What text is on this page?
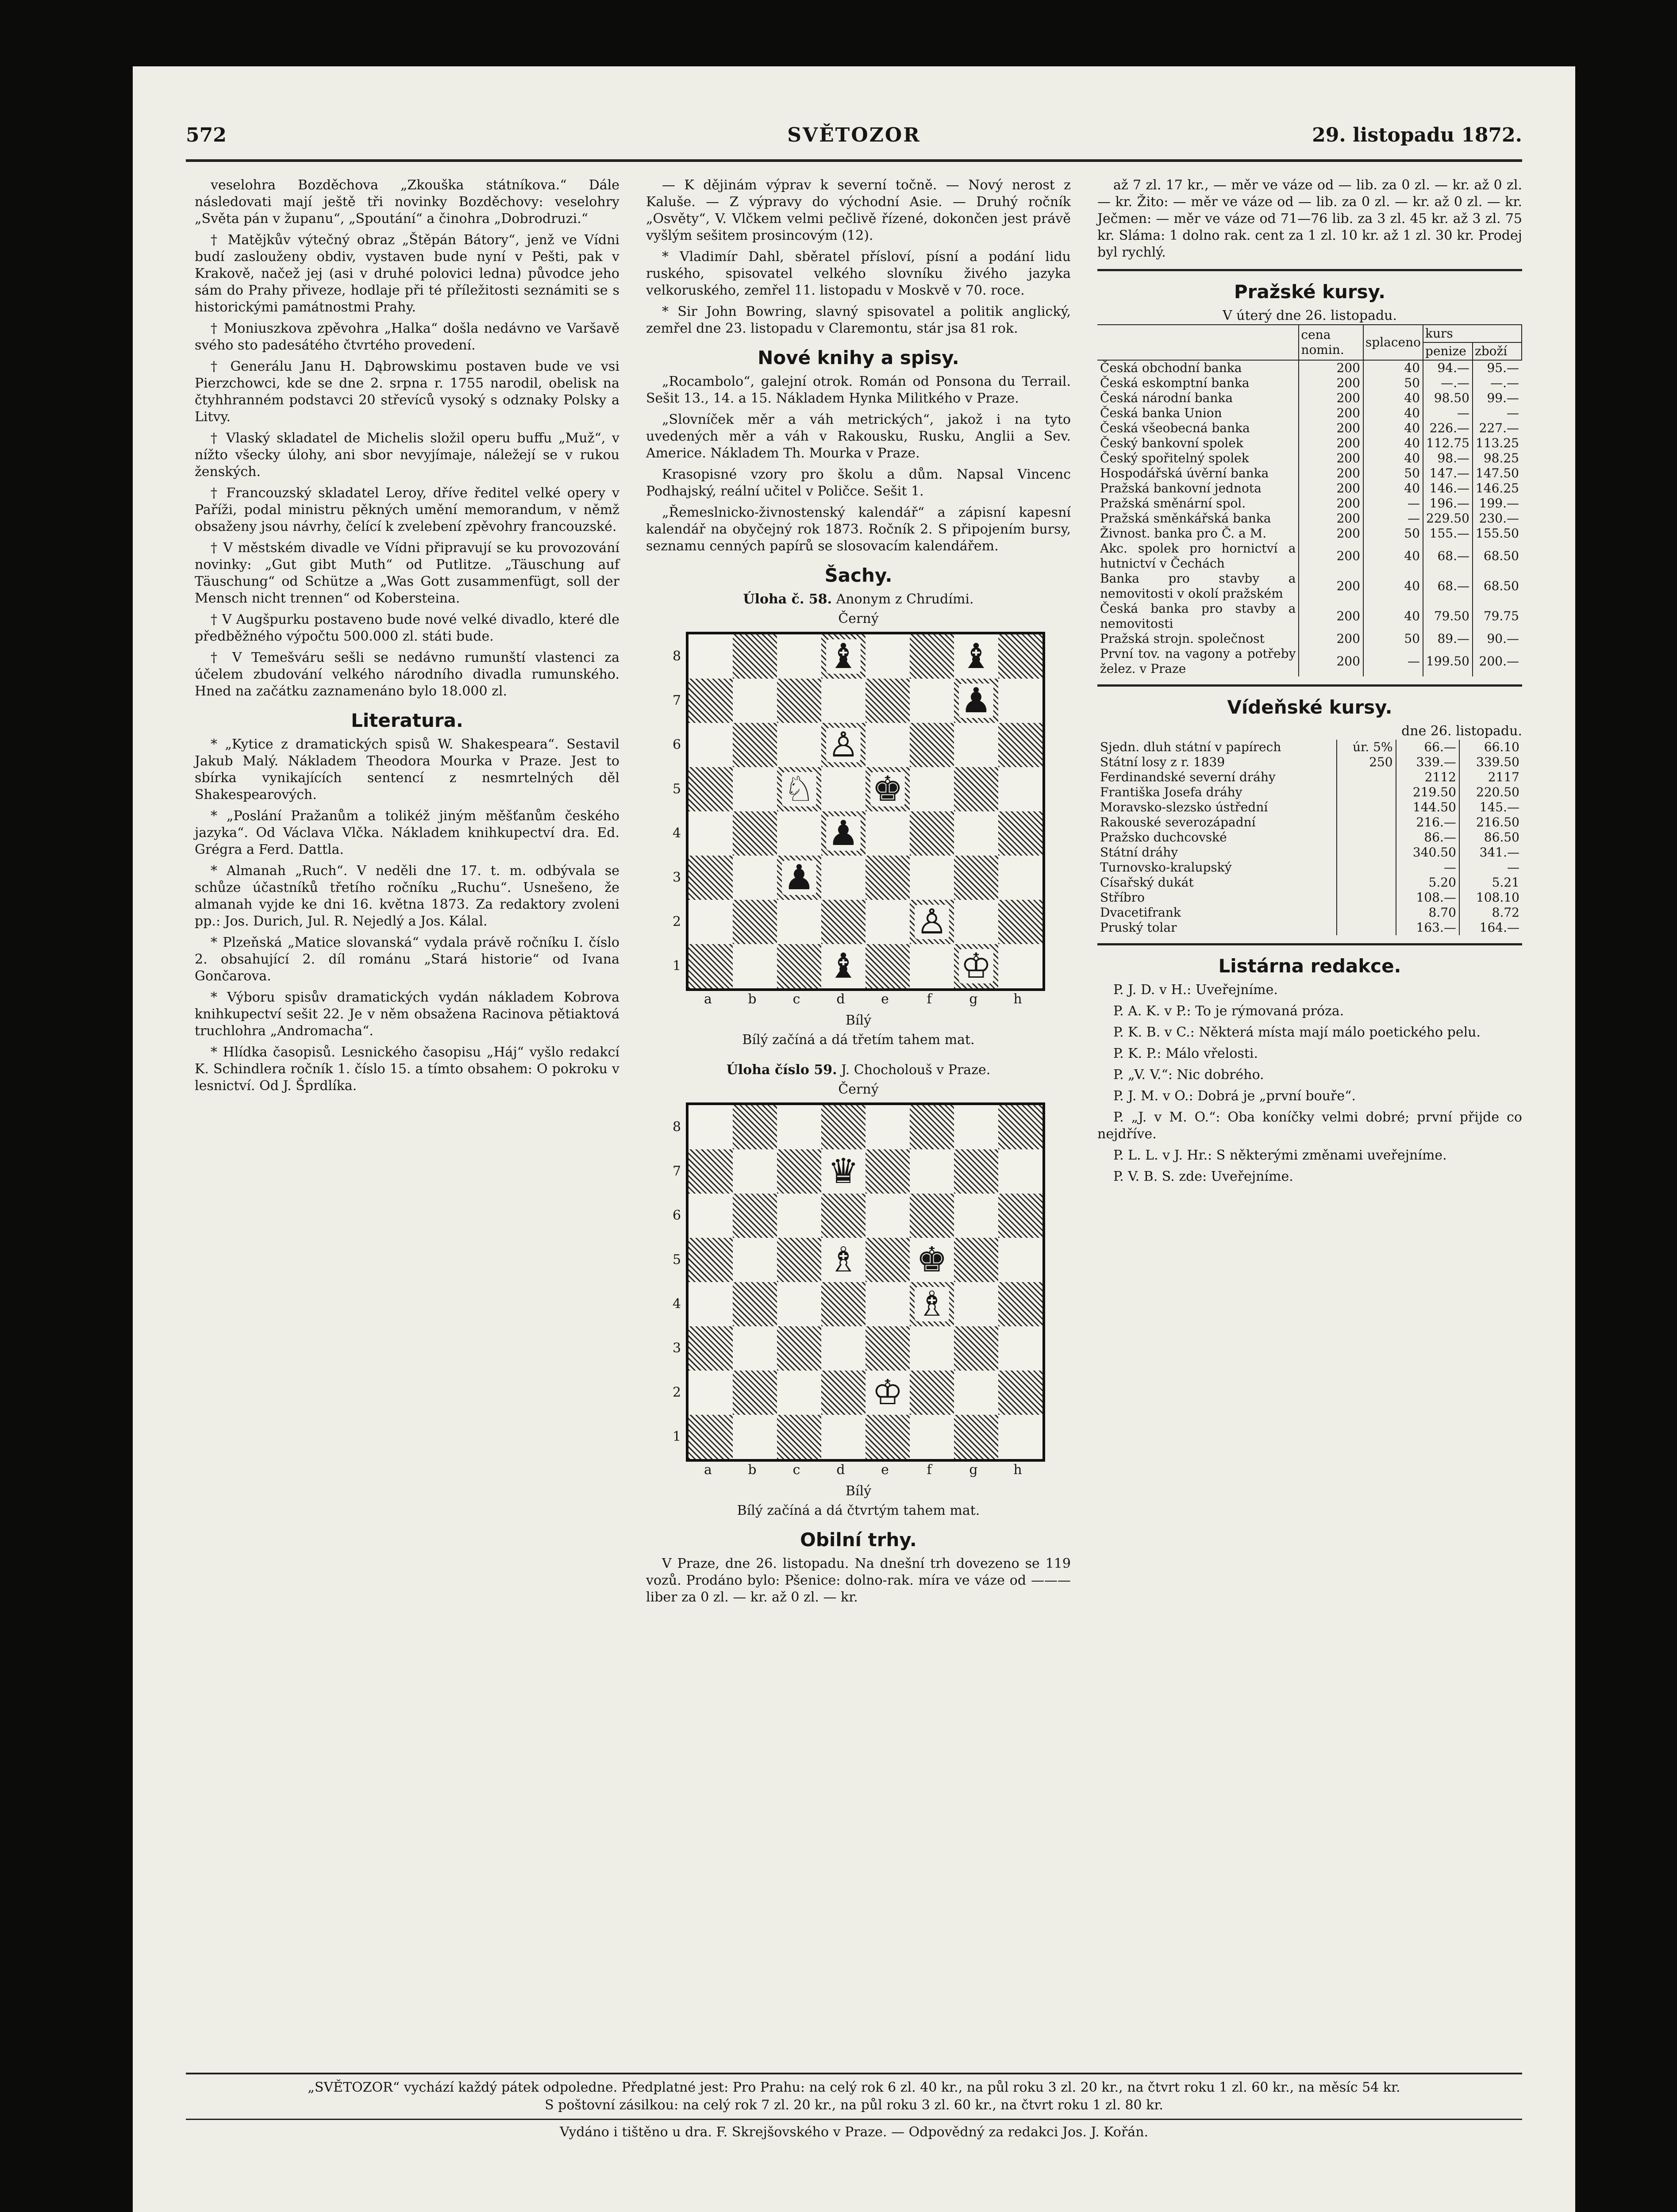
572	SVĚTOZOR	29. listopadu 1872.

veselohra Bozděchova „Zkouška státníkova.“ Dále následovati mají ještě tři novinky Bozděchovy: veselohry „Světa pán v županu“, „Spoutání“ a činohra „Dobrodruzi.“

† Matějkův výtečný obraz „Štěpán Bátory“, jenž ve Vídni budí zaslouženy obdiv, vystaven bude nyní v Pešti, pak v Krakově, načež jej (asi v druhé polovici ledna) původce jeho sám do Prahy přiveze, hodlaje při té příležitosti seznámiti se s historickými památnostmi Prahy.

† Moniuszkova zpěvohra „Halka“ došla nedávno ve Varšavě svého sto padesátého čtvrtého provedení.

† Generálu Janu H. Dąbrowskimu postaven bude ve vsi Pierzchowci, kde se dne 2. srpna r. 1755 narodil, obelisk na čtyhhranném podstavci 20 střevíců vysoký s odznaky Polsky a Litvy.

† Vlaský skladatel de Michelis složil operu buffu „Muž“, v nížto všecky úlohy, ani sbor nevyjímaje, náležejí se v rukou ženských.

† Francouzský skladatel Leroy, dříve ředitel velké opery v Paříži, podal ministru pěkných umění memorandum, v němž obsaženy jsou návrhy, čelící k zvelebení zpěvohry francouzské.

† V městském divadle ve Vídni připravují se ku provozování novinky: „Gut gibt Muth“ od Putlitze. „Täuschung auf Täuschung“ od Schütze a „Was Gott zusammenfügt, soll der Mensch nicht trennen“ od Kobersteina.

† V Augšpurku postaveno bude nové velké divadlo, které dle předběžného výpočtu 500.000 zl. státi bude.

† V Temešváru sešli se nedávno rumunští vlastenci za účelem zbudování velkého národního divadla rumunského. Hned na začátku zaznamenáno bylo 18.000 zl.

Literatura.

* „Kytice z dramatických spisů W. Shakespeara“. Sestavil Jakub Malý. Nákladem Theodora Mourka v Praze. Jest to sbírka vynikajících sentencí z nesmrtelných děl Shakespearových.

* „Poslání Pražanům a tolikéž jiným měšťanům českého jazyka“. Od Václava Vlčka. Nákladem knihkupectví dra. Ed. Grégra a Ferd. Dattla.

* Almanah „Ruch“. V neděli dne 17. t. m. odbývala se schůze účastníků třetího ročníku „Ruchu“. Usnešeno, že almanah vyjde ke dni 16. května 1873. Za redaktory zvoleni pp.: Jos. Durich, Jul. R. Nejedlý a Jos. Kálal.

* Plzeňská „Matice slovanská“ vydala právě ročníku I. číslo 2. obsahující 2. díl románu „Stará historie“ od Ivana Gončarova.

* Výboru spisův dramatických vydán nákladem Kobrova knihkupectví sešit 22. Je v něm obsažena Racinova pětiaktová truchlohra „Andromacha“.

* Hlídka časopisů. Lesnického časopisu „Háj“ vyšlo redakcí K. Schindlera ročník 1. číslo 15. a tímto obsahem: O pokroku v lesnictví. Od J. Šprdlíka.

— K dějinám výprav k severní točně. — Nový nerost z Kaluše. — Z výpravy do východní Asie. — Druhý ročník „Osvěty“, V. Vlčkem velmi pečlivě řízené, dokončen jest právě vyšlým sešitem prosincovým (12).

* Vladimír Dahl, sběratel přísloví, písní a podání lidu ruského, spisovatel velkého slovníku živého jazyka velkoruského, zemřel 11. listopadu v Moskvě v 70. roce.

* Sir John Bowring, slavný spisovatel a politik anglický, zemřel dne 23. listopadu v Claremontu, stár jsa 81 rok.

Nové knihy a spisy.

„Rocambolo“, galejní otrok. Román od Ponsona du Terrail. Sešit 13., 14. a 15. Nákladem Hynka Militkého v Praze.

„Slovníček měr a váh metrických“, jakož i na tyto uvedených měr a váh v Rakousku, Rusku, Anglii a Sev. Americe. Nákladem Th. Mourka v Praze.

Krasopisné vzory pro školu a dům. Napsal Vincenc Podhajský, reální učitel v Poličce. Sešit 1.

„Řemeslnicko-živnostenský kalendář“ a zápisní kapesní kalendář na obyčejný rok 1873. Ročník 2. S připojením bursy, seznamu cenných papírů se slosovacím kalendářem.

Šachy.
Úloha č. 58. Anonym z Chrudími.
Černý
8
7
6
5
4
3
2
1
♝	♝
♟
♙
♘ ♚
♟
♟
♙
♝	♔
a	b	c	d	e	f	g	h
Bílý
Bílý začíná a dá třetím tahem mat.
Úloha číslo 59. J. Chocholouš v Praze.
Černý
8
7
6
5
4
3
2
1
♛
♗ ♚
♗
♔
a	b	c	d	e	f	g	h
Bílý
Bílý začíná a dá čtvrtým tahem mat.
Obilní trhy.

V Praze, dne 26. listopadu. Na dnešní trh dovezeno se 119 vozů. Prodáno bylo: Pšenice: dolno-rak. míra ve váze od ——— liber za 0 zl. — kr. až 0 zl. — kr.

až 7 zl. 17 kr., — měr ve váze od — lib. za 0 zl. — kr. až 0 zl. — kr. Žito: — měr ve váze od — lib. za 0 zl. — kr. až 0 zl. — kr. Ječmen: — měr ve váze od 71—76 lib. za 3 zl. 45 kr. až 3 zl. 75 kr. Slámа: 1 dolno rak. cent za 1 zl. 10 kr. až 1 zl. 30 kr. Prodej byl rychlý.

Pražské kursy.
V úterý dne 26. listopadu.
	cena nomin.	splaceno	kurs	
			penize	zboží
Česká obchodní banka	200	40	94.—	95.—
Česká eskomptní banka	200	50	—.—	—.—
Česká národní banka	200	40	98.50	99.—
Česká banka Union	200	40	—	—
Česká všeobecná banka	200	40	226.—	227.—
Český bankovní spolek	200	40	112.75	113.25
Český spořitelný spolek	200	40	98.—	98.25
Hospodářská úvěrní banka	200	50	147.—	147.50
Pražská bankovní jednota	200	40	146.—	146.25
Pražská směnární spol.	200	—	196.—	199.—
Pražská směnkářská banka	200	—	229.50	230.—
Živnost. banka pro Č. a M.	200	50	155.—	155.50
Akc. spolek pro hornictví a hutnictví v Čechách	200	40	68.—	68.50
Banka pro stavby a nemovitosti v okolí pražském	200	40	68.—	68.50
Česká banka pro stavby a nemovitosti	200	40	79.50	79.75
Pražská strojn. společnost	200	50	89.—	90.—
První tov. na vagony a potřeby želez. v Praze	200	—	199.50	200.—
Vídeňské kursy.
dne 26. listopadu.
Sjedn. dluh státní v papírech	úr. 5%	66.—	66.10
Státní losy z r. 1839	250	339.—	339.50
Ferdinandské severní dráhy		2112	2117
Františka Josefa dráhy		219.50	220.50
Moravsko-slezsko ústřední		144.50	145.—
Rakouské severozápadní		216.—	216.50
Pražsko duchcovské		86.—	86.50
Státní dráhy		340.50	341.—
Turnovsko-kralupský		—	—
Císařský dukát		5.20	5.21
Stříbro		108.—	108.10
Dvacetifrank		8.70	8.72
Pruský tolar		163.—	164.—
Listárna redakce.

P. J. D. v H.: Uveřejníme.

P. A. K. v P.: To je rýmovaná próza.

P. K. B. v C.: Některá místa mají málo poetického pelu.

P. K. P.: Málo vřelosti.

P. „V. V.“: Nic dobrého.

P. J. M. v O.: Dobrá je „první bouře“.

P. „J. v M. O.“: Oba koníčky velmi dobré; první přijde co nejdříve.

P. L. L. v J. Hr.: S některými změnami uveřejníme.

P. V. B. S. zde: Uveřejníme.

„SVĚTOZOR“ vychází každý pátek odpoledne. Předplatné jest: Pro Prahu: na celý rok 6 zl. 40 kr., na půl roku 3 zl. 20 kr., na čtvrt roku 1 zl. 60 kr., na měsíc 54 kr.
S poštovní zásilkou: na celý rok 7 zl. 20 kr., na půl roku 3 zl. 60 kr., na čtvrt roku 1 zl. 80 kr.
Vydáno i tištěno u dra. F. Skrejšovského v Praze. — Odpovědný za redakci Jos. J. Kořán.
